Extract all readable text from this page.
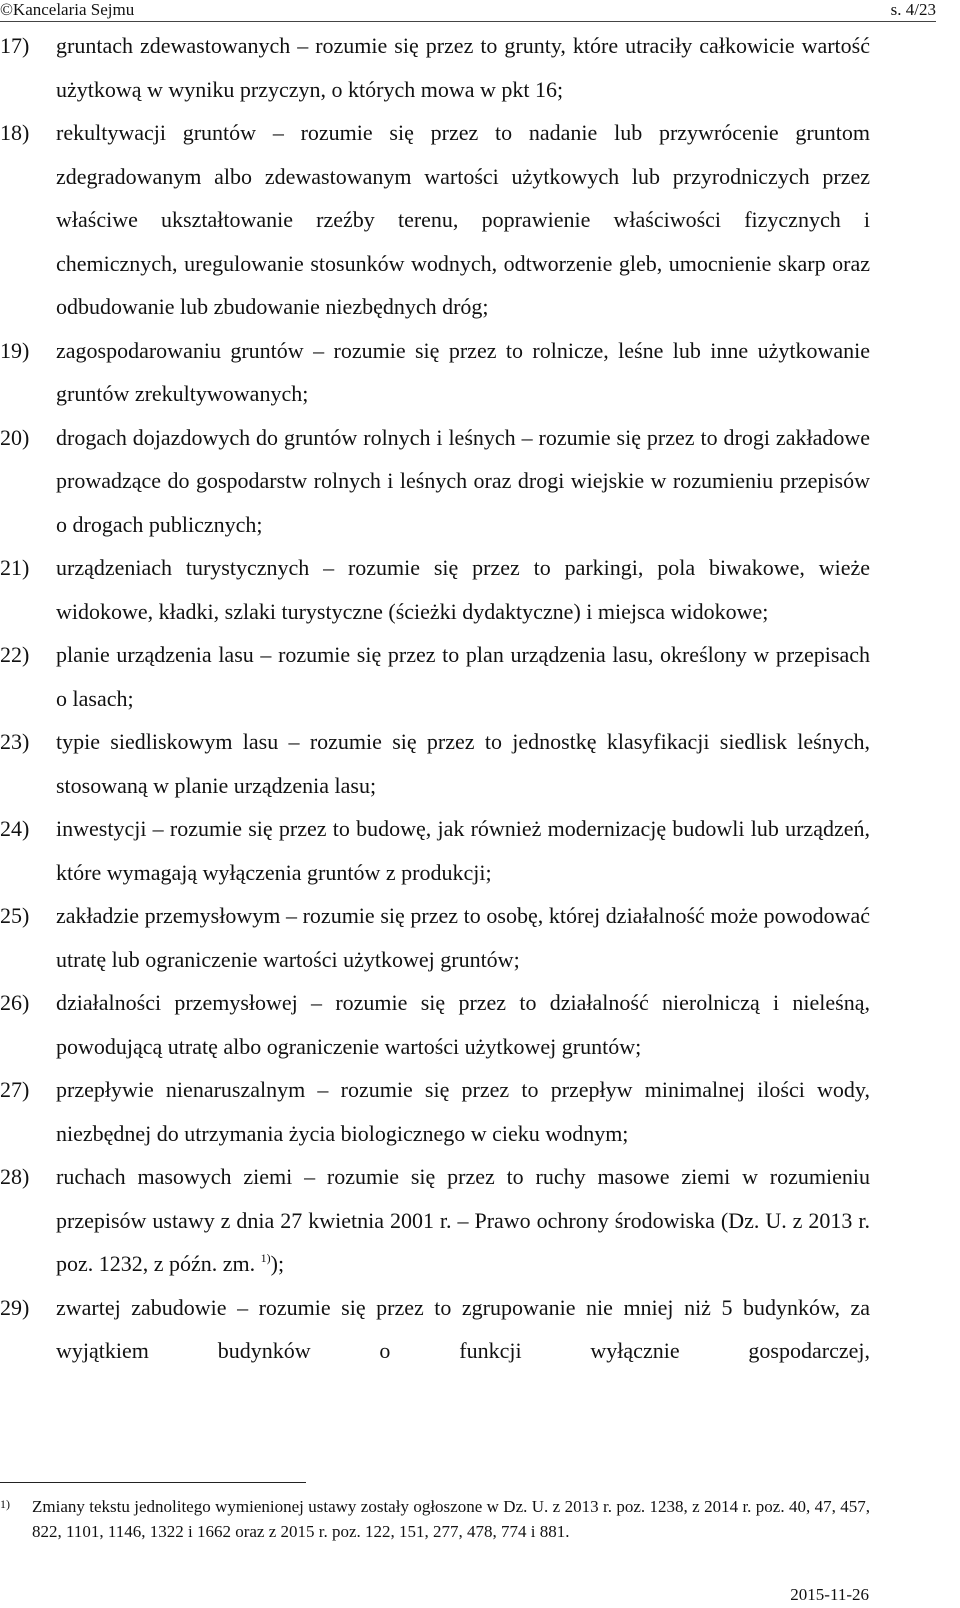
©Kancelaria Sejmu	s. 4/23
17)	gruntach zdewastowanych – rozumie się przez to grunty, które utraciły całkowicie wartość użytkową w wyniku przyczyn, o których mowa w pkt 16;
18)	rekultywacji gruntów – rozumie się przez to nadanie lub przywrócenie gruntom zdegradowanym albo zdewastowanym wartości użytkowych lub przyrodniczych przez właściwe ukształtowanie rzeźby terenu, poprawienie właściwości fizycznych i chemicznych, uregulowanie stosunków wodnych, odtworzenie gleb, umocnienie skarp oraz odbudowanie lub zbudowanie niezbędnych dróg;
19)	zagospodarowaniu gruntów – rozumie się przez to rolnicze, leśne lub inne użytkowanie gruntów zrekultywowanych;
20)	drogach dojazdowych do gruntów rolnych i leśnych – rozumie się przez to drogi zakładowe prowadzące do gospodarstw rolnych i leśnych oraz drogi wiejskie w rozumieniu przepisów o drogach publicznych;
21)	urządzeniach turystycznych – rozumie się przez to parkingi, pola biwakowe, wieże widokowe, kładki, szlaki turystyczne (ścieżki dydaktyczne) i miejsca widokowe;
22)	planie urządzenia lasu – rozumie się przez to plan urządzenia lasu, określony w przepisach o lasach;
23)	typie siedliskowym lasu – rozumie się przez to jednostkę klasyfikacji siedlisk leśnych, stosowaną w planie urządzenia lasu;
24)	inwestycji – rozumie się przez to budowę, jak również modernizację budowli lub urządzeń, które wymagają wyłączenia gruntów z produkcji;
25)	zakładzie przemysłowym – rozumie się przez to osobę, której działalność może powodować utratę lub ograniczenie wartości użytkowej gruntów;
26)	działalności przemysłowej – rozumie się przez to działalność nierolniczą i nieleśną, powodującą utratę albo ograniczenie wartości użytkowej gruntów;
27)	przepływie nienaruszalnym – rozumie się przez to przepływ minimalnej ilości wody, niezbędnej do utrzymania życia biologicznego w cieku wodnym;
28)	ruchach masowych ziemi – rozumie się przez to ruchy masowe ziemi w rozumieniu przepisów ustawy z dnia 27 kwietnia 2001 r. – Prawo ochrony środowiska (Dz. U. z 2013 r. poz. 1232, z późn. zm. $^{1)}$);
29)	zwartej zabudowie – rozumie się przez to zgrupowanie nie mniej niż 5 budynków, za wyjątkiem budynków o funkcji wyłącznie gospodarczej,
1)	Zmiany tekstu jednolitego wymienionej ustawy zostały ogłoszone w Dz. U. z 2013 r. poz. 1238, z 2014 r. poz. 40, 47, 457, 822, 1101, 1146, 1322 i 1662 oraz z 2015 r. poz. 122, 151, 277, 478, 774 i 881.
2015-11-26
